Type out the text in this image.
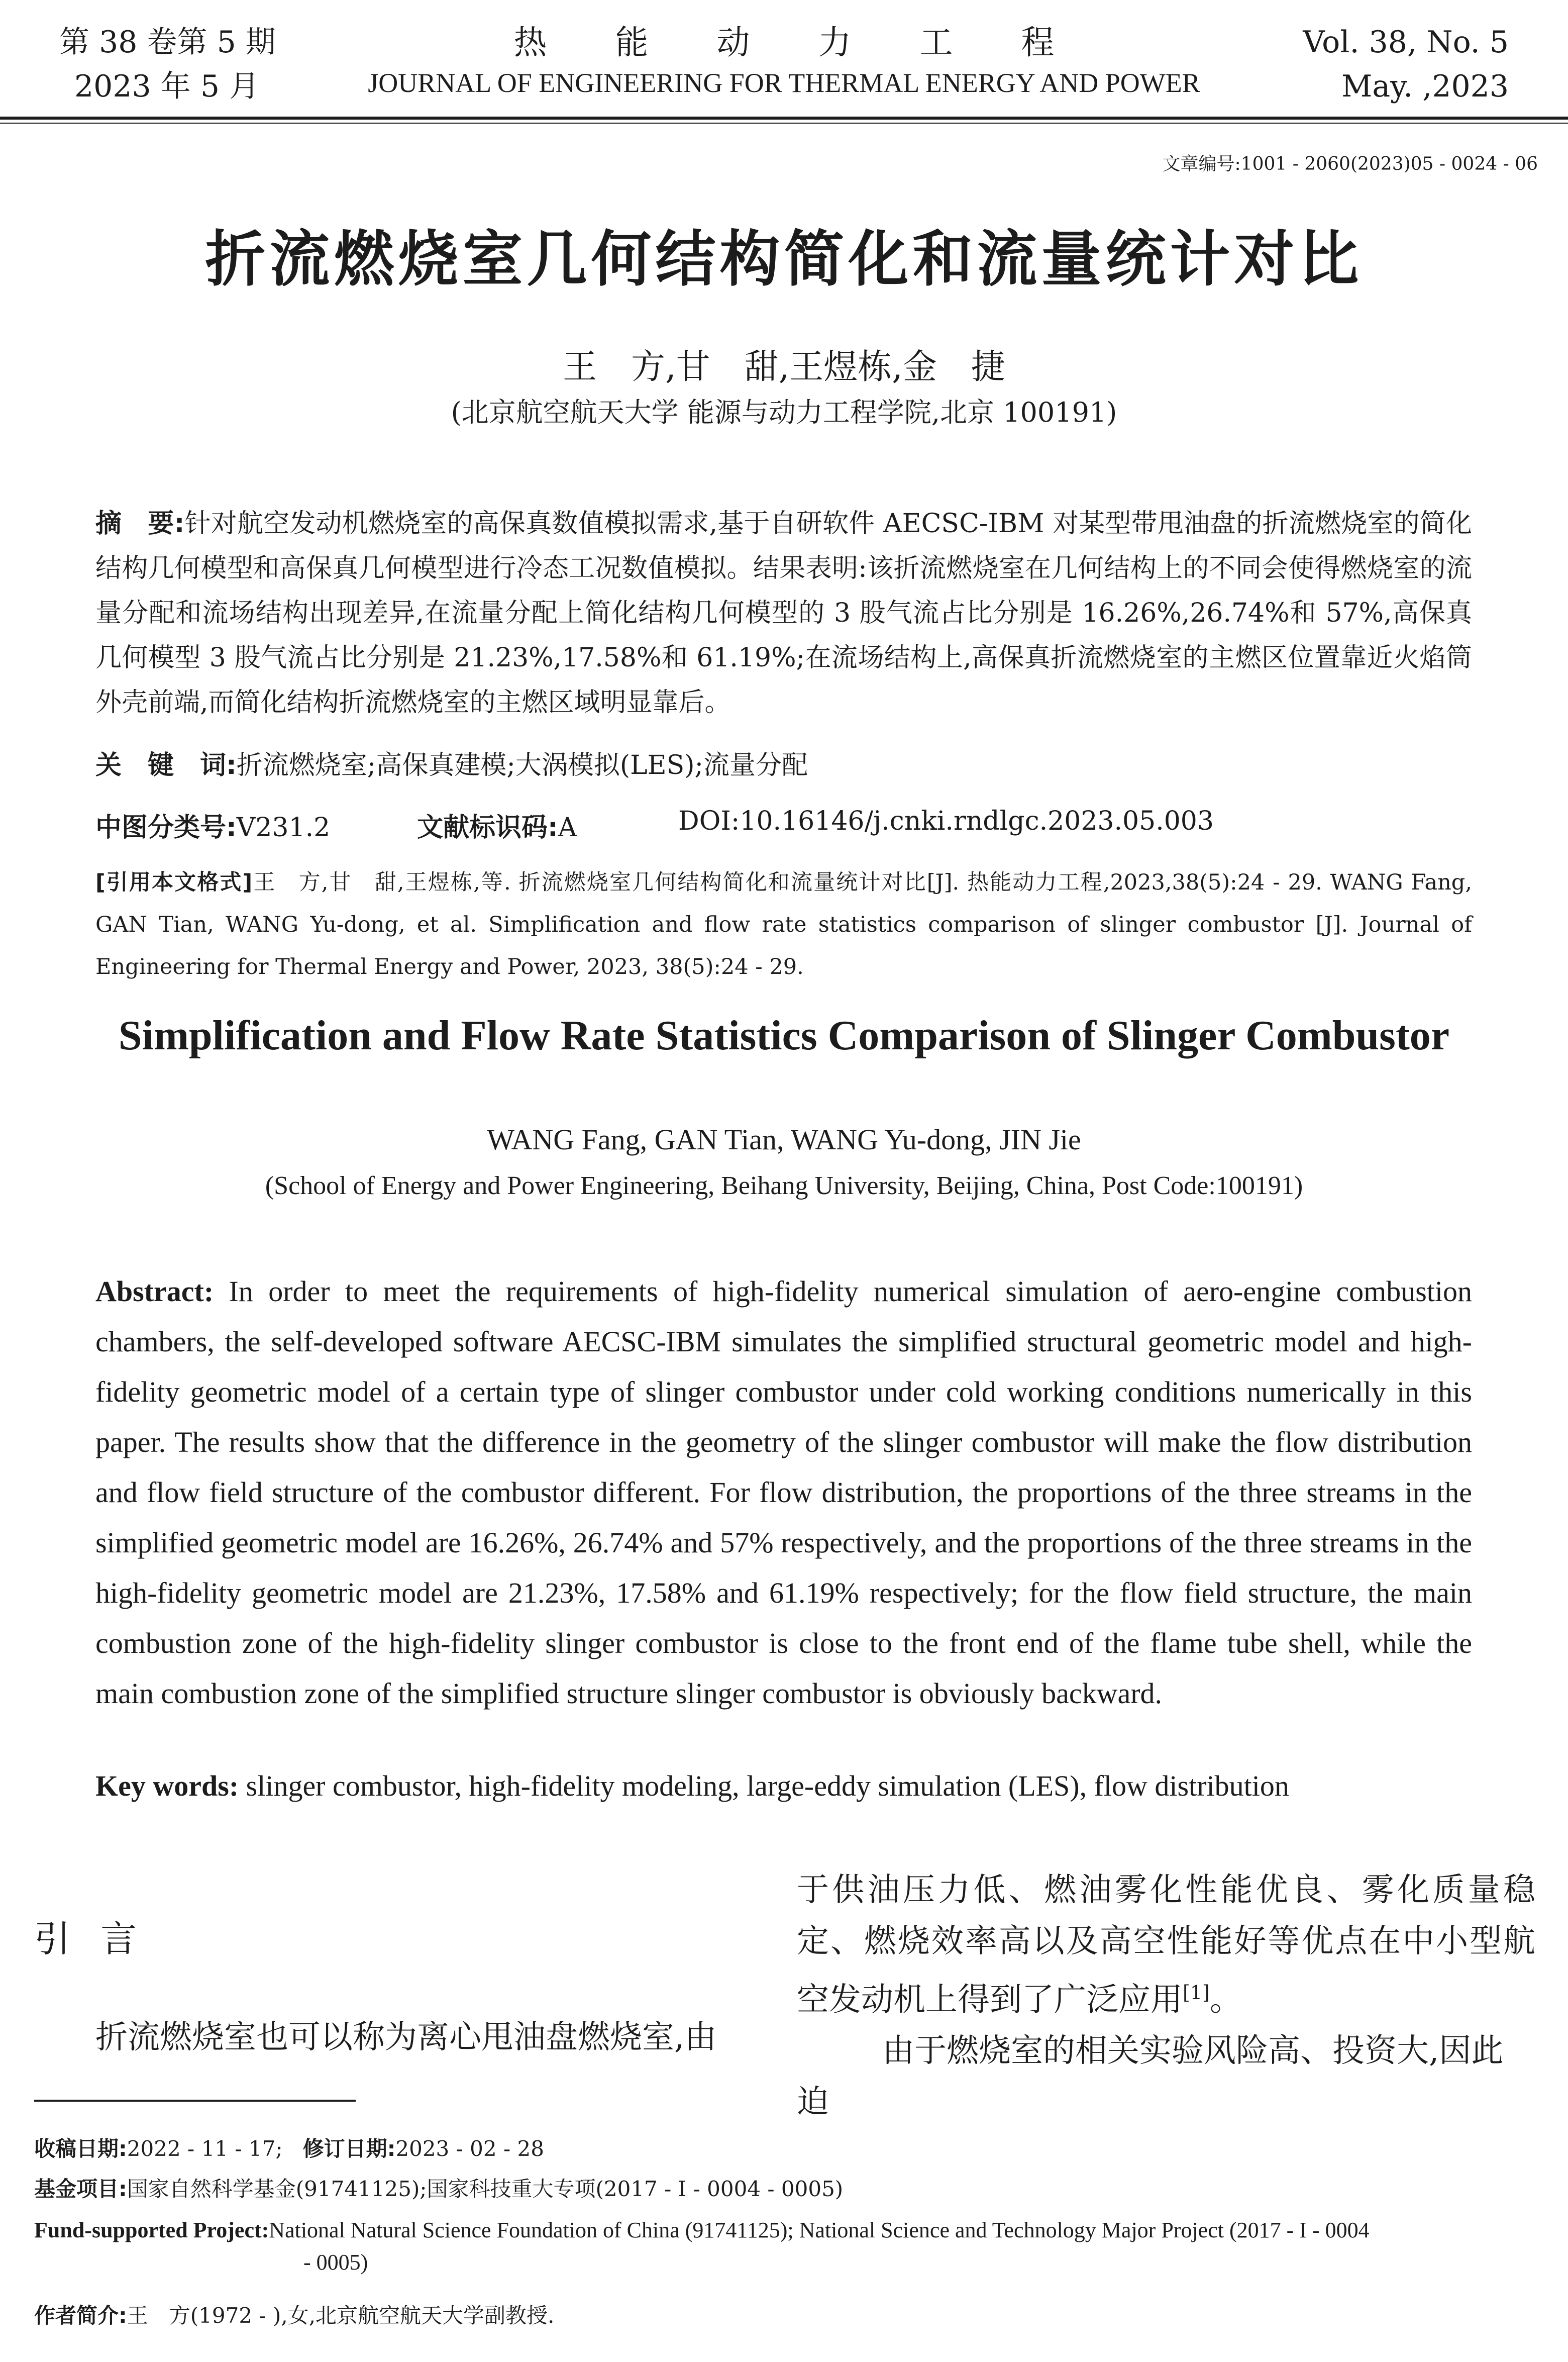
第 38 卷第 5 期
2023 年 5 月
热能动力工程
JOURNAL OF ENGINEERING FOR THERMAL ENERGY AND POWER
Vol. 38, No. 5
May. ,2023
文章编号:1001 - 2060(2023)05 - 0024 - 06
折流燃烧室几何结构简化和流量统计对比
王　方,甘　甜,王煜栋,金　捷
(北京航空航天大学 能源与动力工程学院,北京 100191)
摘　要:针对航空发动机燃烧室的高保真数值模拟需求,基于自研软件 AECSC-IBM 对某型带甩油盘的折流燃烧室的简化结构几何模型和高保真几何模型进行冷态工况数值模拟。结果表明:该折流燃烧室在几何结构上的不同会使得燃烧室的流量分配和流场结构出现差异,在流量分配上简化结构几何模型的 3 股气流占比分别是 16.26%,26.74%和 57%,高保真几何模型 3 股气流占比分别是 21.23%,17.58%和 61.19%;在流场结构上,高保真折流燃烧室的主燃区位置靠近火焰筒外壳前端,而简化结构折流燃烧室的主燃区域明显靠后。
关　键　词:折流燃烧室;高保真建模;大涡模拟(LES);流量分配
中图分类号:V231.2	文献标识码:A	DOI:10.16146/j.cnki.rndlgc.2023.05.003
[引用本文格式]王　方,甘　甜,王煜栋,等. 折流燃烧室几何结构简化和流量统计对比[J]. 热能动力工程,2023,38(5):24 - 29. WANG Fang, GAN Tian, WANG Yu-dong, et al. Simplification and flow rate statistics comparison of slinger combustor [J]. Journal of Engineering for Thermal Energy and Power, 2023, 38(5):24 - 29.
Simplification and Flow Rate Statistics Comparison of Slinger Combustor
WANG Fang, GAN Tian, WANG Yu-dong, JIN Jie
(School of Energy and Power Engineering, Beihang University, Beijing, China, Post Code:100191)
Abstract: In order to meet the requirements of high-fidelity numerical simulation of aero-engine combustion chambers, the self-developed software AECSC-IBM simulates the simplified structural geometric model and high-fidelity geometric model of a certain type of slinger combustor under cold working conditions numerically in this paper. The results show that the difference in the geometry of the slinger combustor will make the flow distribution and flow field structure of the combustor different. For flow distribution, the proportions of the three streams in the simplified geometric model are 16.26%, 26.74% and 57% respectively, and the proportions of the three streams in the high-fidelity geometric model are 21.23%, 17.58% and 61.19% respectively; for the flow field structure, the main combustion zone of the high-fidelity slinger combustor is close to the front end of the flame tube shell, while the main combustion zone of the simplified structure slinger combustor is obviously backward.
Key words: slinger combustor, high-fidelity modeling, large-eddy simulation (LES), flow distribution
引言
折流燃烧室也可以称为离心甩油盘燃烧室,由
于供油压力低、燃油雾化性能优良、雾化质量稳定、燃烧效率高以及高空性能好等优点在中小型航空发动机上得到了广泛应用[1]。
由于燃烧室的相关实验风险高、投资大,因此迫
收稿日期:2022 - 11 - 17; 修订日期:2023 - 02 - 28
基金项目:国家自然科学基金(91741125);国家科技重大专项(2017 - I - 0004 - 0005)
Fund-supported Project:National Natural Science Foundation of China (91741125); National Science and Technology Major Project (2017 - I - 0004
- 0005)
作者简介:王　方(1972 - ),女,北京航空航天大学副教授.
